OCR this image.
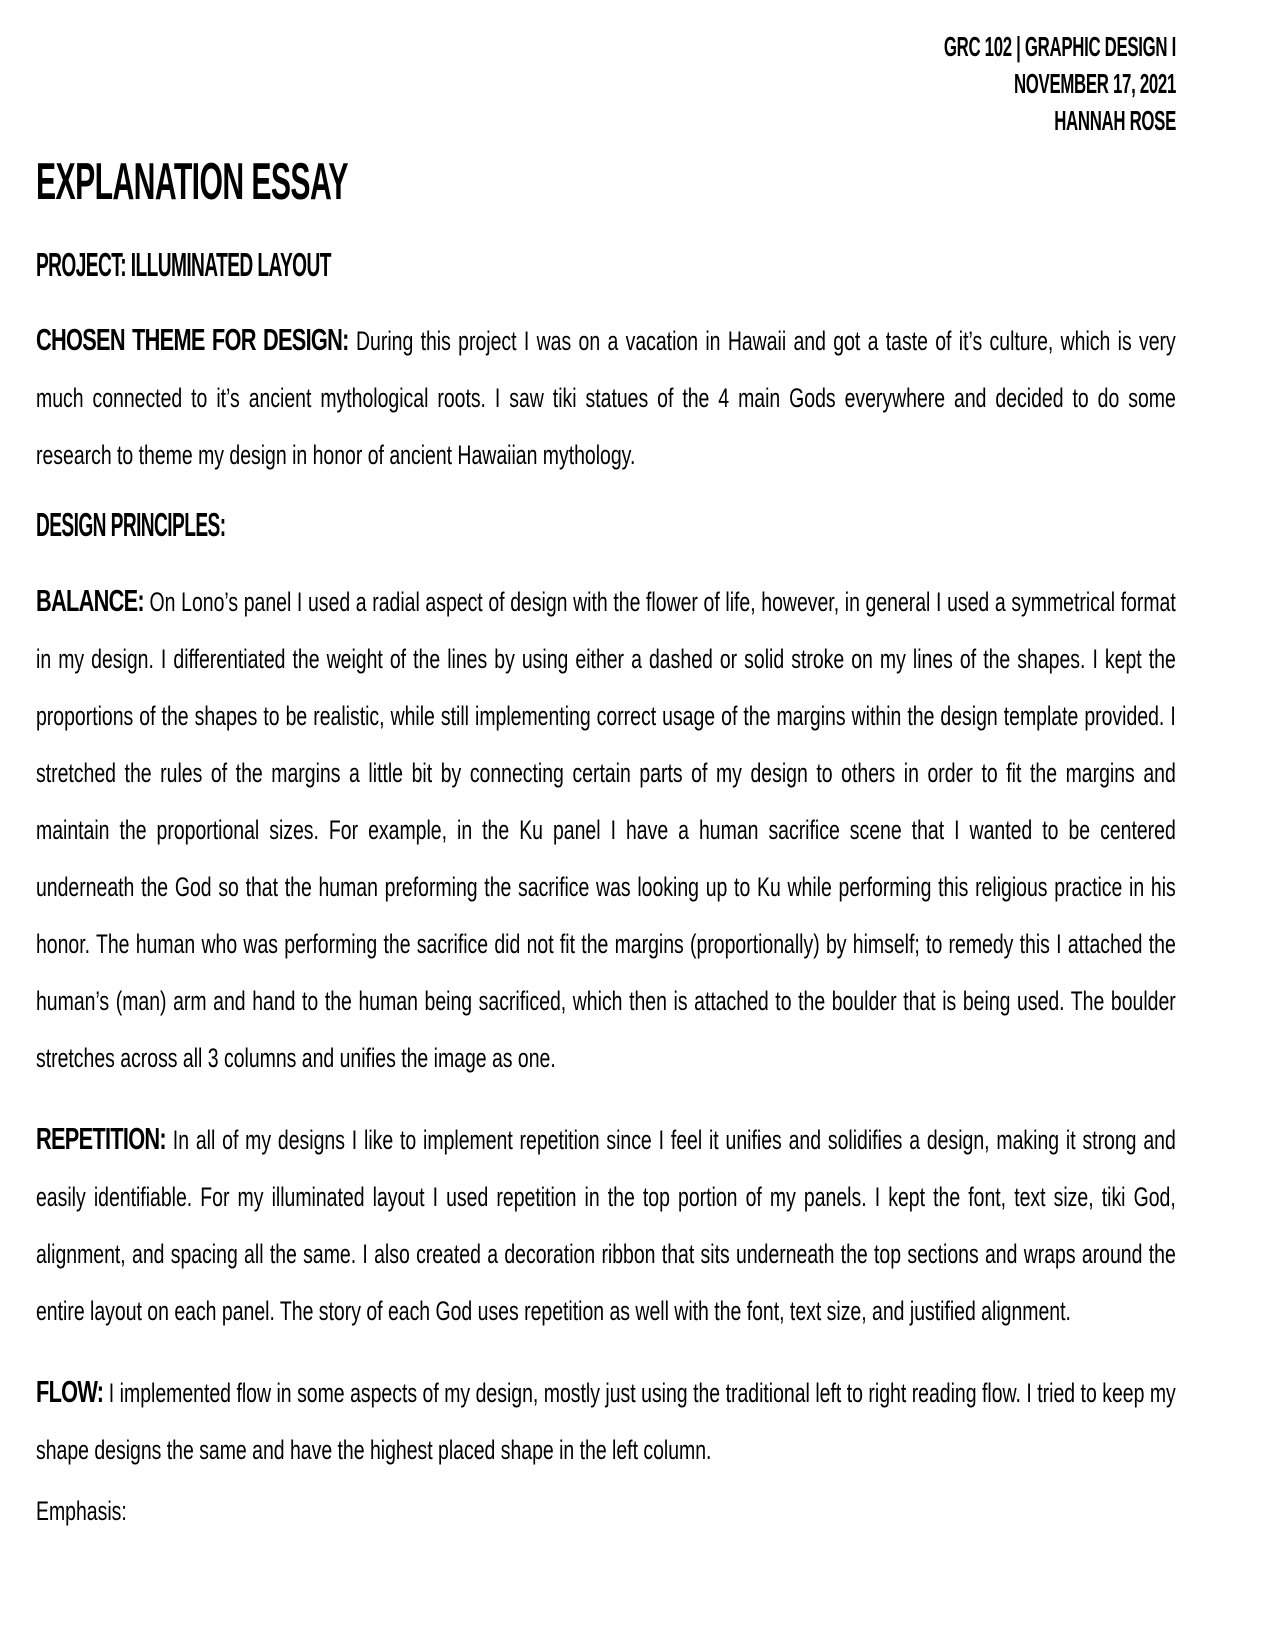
GRC 102 | GRAPHIC DESIGN I
NOVEMBER 17, 2021
HANNAH ROSE
EXPLANATION ESSAY
PROJECT: ILLUMINATED LAYOUT

CHOSEN THEME FOR DESIGN: During this project I was on a vacation in Hawaii and got a taste of it’s culture, which is very much connected to it’s ancient mythological roots. I saw tiki statues of the 4 main Gods everywhere and decided to do some research to theme my design in honor of ancient Hawaiian mythology.

DESIGN PRINCIPLES:

BALANCE: On Lono’s panel I used a radial aspect of design with the flower of life, however, in general I used a symmetrical format in my design. I differentiated the weight of the lines by using either a dashed or solid stroke on my lines of the shapes. I kept the proportions of the shapes to be realistic, while still implementing correct usage of the margins within the design template provided. I stretched the rules of the margins a little bit by connecting certain parts of my design to others in order to fit the margins and maintain the proportional sizes. For example, in the Ku panel I have a human sacrifice scene that I wanted to be centered underneath the God so that the human preforming the sacrifice was looking up to Ku while performing this religious practice in his honor. The human who was performing the sacrifice did not fit the margins (proportionally) by himself; to remedy this I attached the human’s (man) arm and hand to the human being sacrificed, which then is attached to the boulder that is being used. The boulder stretches across all 3 columns and unifies the image as one.

REPETITION: In all of my designs I like to implement repetition since I feel it unifies and solidifies a design, making it strong and easily identifiable. For my illuminated layout I used repetition in the top portion of my panels. I kept the font, text size, tiki God, alignment, and spacing all the same. I also created a decoration ribbon that sits underneath the top sections and wraps around the entire layout on each panel. The story of each God uses repetition as well with the font, text size, and justified alignment.

FLOW: I implemented flow in some aspects of my design, mostly just using the traditional left to right reading flow. I tried to keep my shape designs the same and have the highest placed shape in the left column.

Emphasis:
